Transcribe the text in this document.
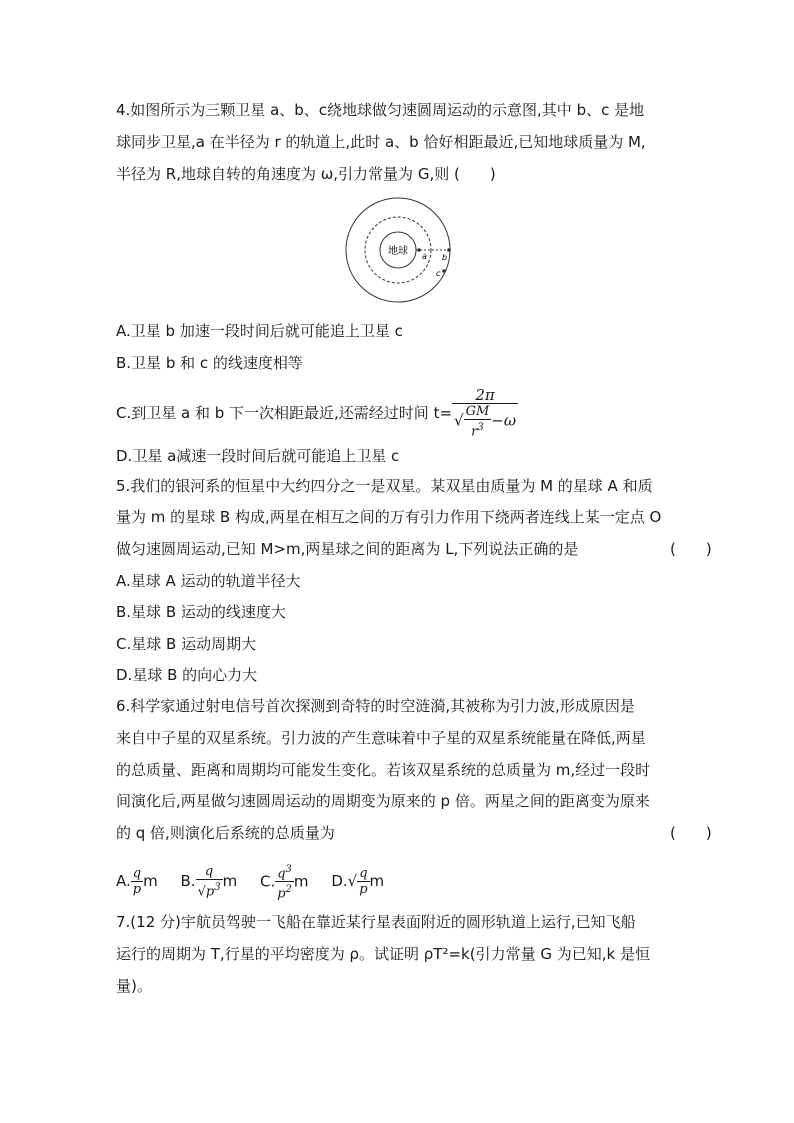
4.如图所示为三颗卫星 a、b、c绕地球做匀速圆周运动的示意图,其中 b、c 是地
球同步卫星,a 在半径为 r 的轨道上,此时 a、b 恰好相距最近,已知地球质量为 M,
半径为 R,地球自转的角速度为 ω,引力常量为 G,则 (　　)
地球 a b
c
A.卫星 b 加速一段时间后就可能追上卫星 c
B.卫星 b 和 c 的线速度相等
C.到卫星 a 和 b 下一次相距最近,还需经过时间 $t= \frac{2\pi}{√ \frac{GM}{r^3} -\omega}$
D.卫星 a减速一段时间后就可能追上卫星 c
5.我们的银河系的恒星中大约四分之一是双星。某双星由质量为 M 的星球 A 和质
量为 m 的星球 B 构成,两星在相互之间的万有引力作用下绕两者连线上某一定点 O
做匀速圆周运动,已知 M>m,两星球之间的距离为 L,下列说法正确的是	(　　)
A.星球 A 运动的轨道半径大
B.星球 B 运动的线速度大
C.星球 B 运动周期大
D.星球 B 的向心力大
6.科学家通过射电信号首次探测到奇特的时空涟漪,其被称为引力波,形成原因是
来自中子星的双星系统。引力波的产生意味着中子星的双星系统能量在降低,两星
的总质量、距离和周期均可能发生变化。若该双星系统的总质量为 m,经过一段时
间演化后,两星做匀速圆周运动的周期变为原来的 p 倍。两星之间的距离变为原来
的 q 倍,则演化后系统的总质量为	(　　)
A. $\frac{q}{p}$ m B. $\frac{q}{√p^3}$ m C. $\frac{q^3}{p^2}$ m $D.√ \frac{q}{p}$ m
7.(12 分)宇航员驾驶一飞船在靠近某行星表面附近的圆形轨道上运行,已知飞船
运行的周期为 T,行星的平均密度为 ρ。试证明 ρT²=k(引力常量 G 为已知,k 是恒
量)。
